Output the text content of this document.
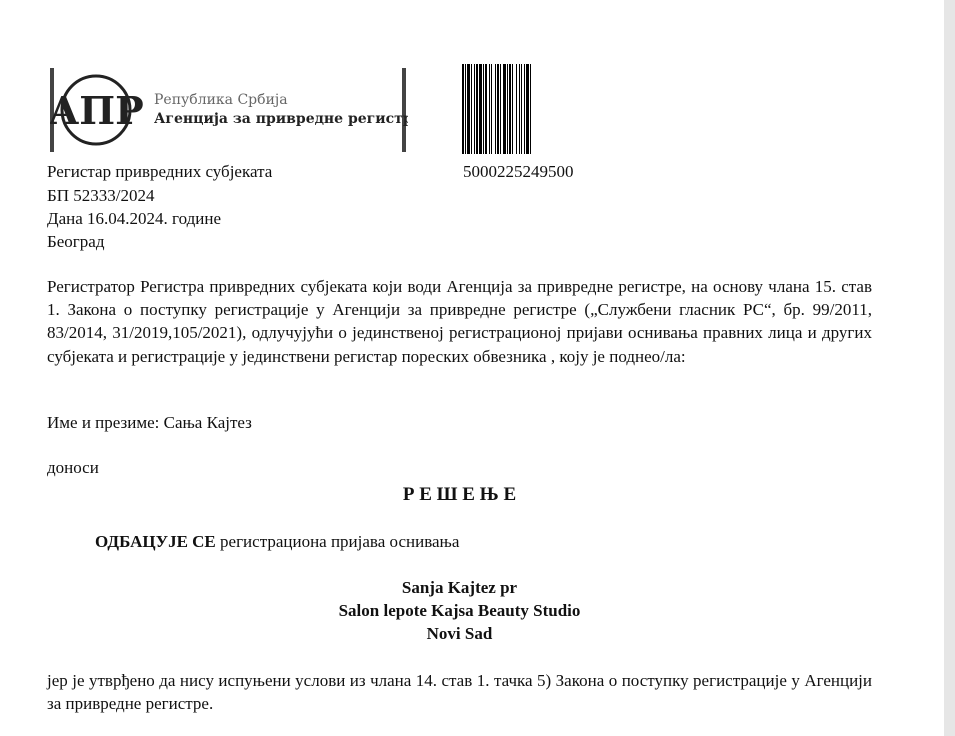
АПР Република Србија
Агенција за привредне регистре
Регистар привредних субјеката	5000225249500
БП 52333/2024
Дана 16.04.2024. године
Београд
Регистратор Регистра привредних субјеката који води Агенција за привредне регистре, на основу члана 15. став 1. Закона о поступку регистрације у Агенцији за привредне регистре („Службени гласник РС“, бр. 99/2011, 83/2014, 31/2019,105/2021), одлучујући о јединственој регистрационој пријави оснивања правних лица и других субјеката и регистрације у јединствени регистар пореских обвезника , коју је поднео/ла:
Име и презиме: Сања Кајтез
доноси
Р Е Ш Е Њ Е
ОДБАЦУЈЕ СЕ регистрациона пријава оснивања
Sanja Kajtez pr
Salon lepote Kajsa Beauty Studio
Novi Sad
јер је утврђено да нису испуњени услови из члана 14. став 1. тачка 5) Закона о поступку регистрације у Агенцији за привредне регистре.
